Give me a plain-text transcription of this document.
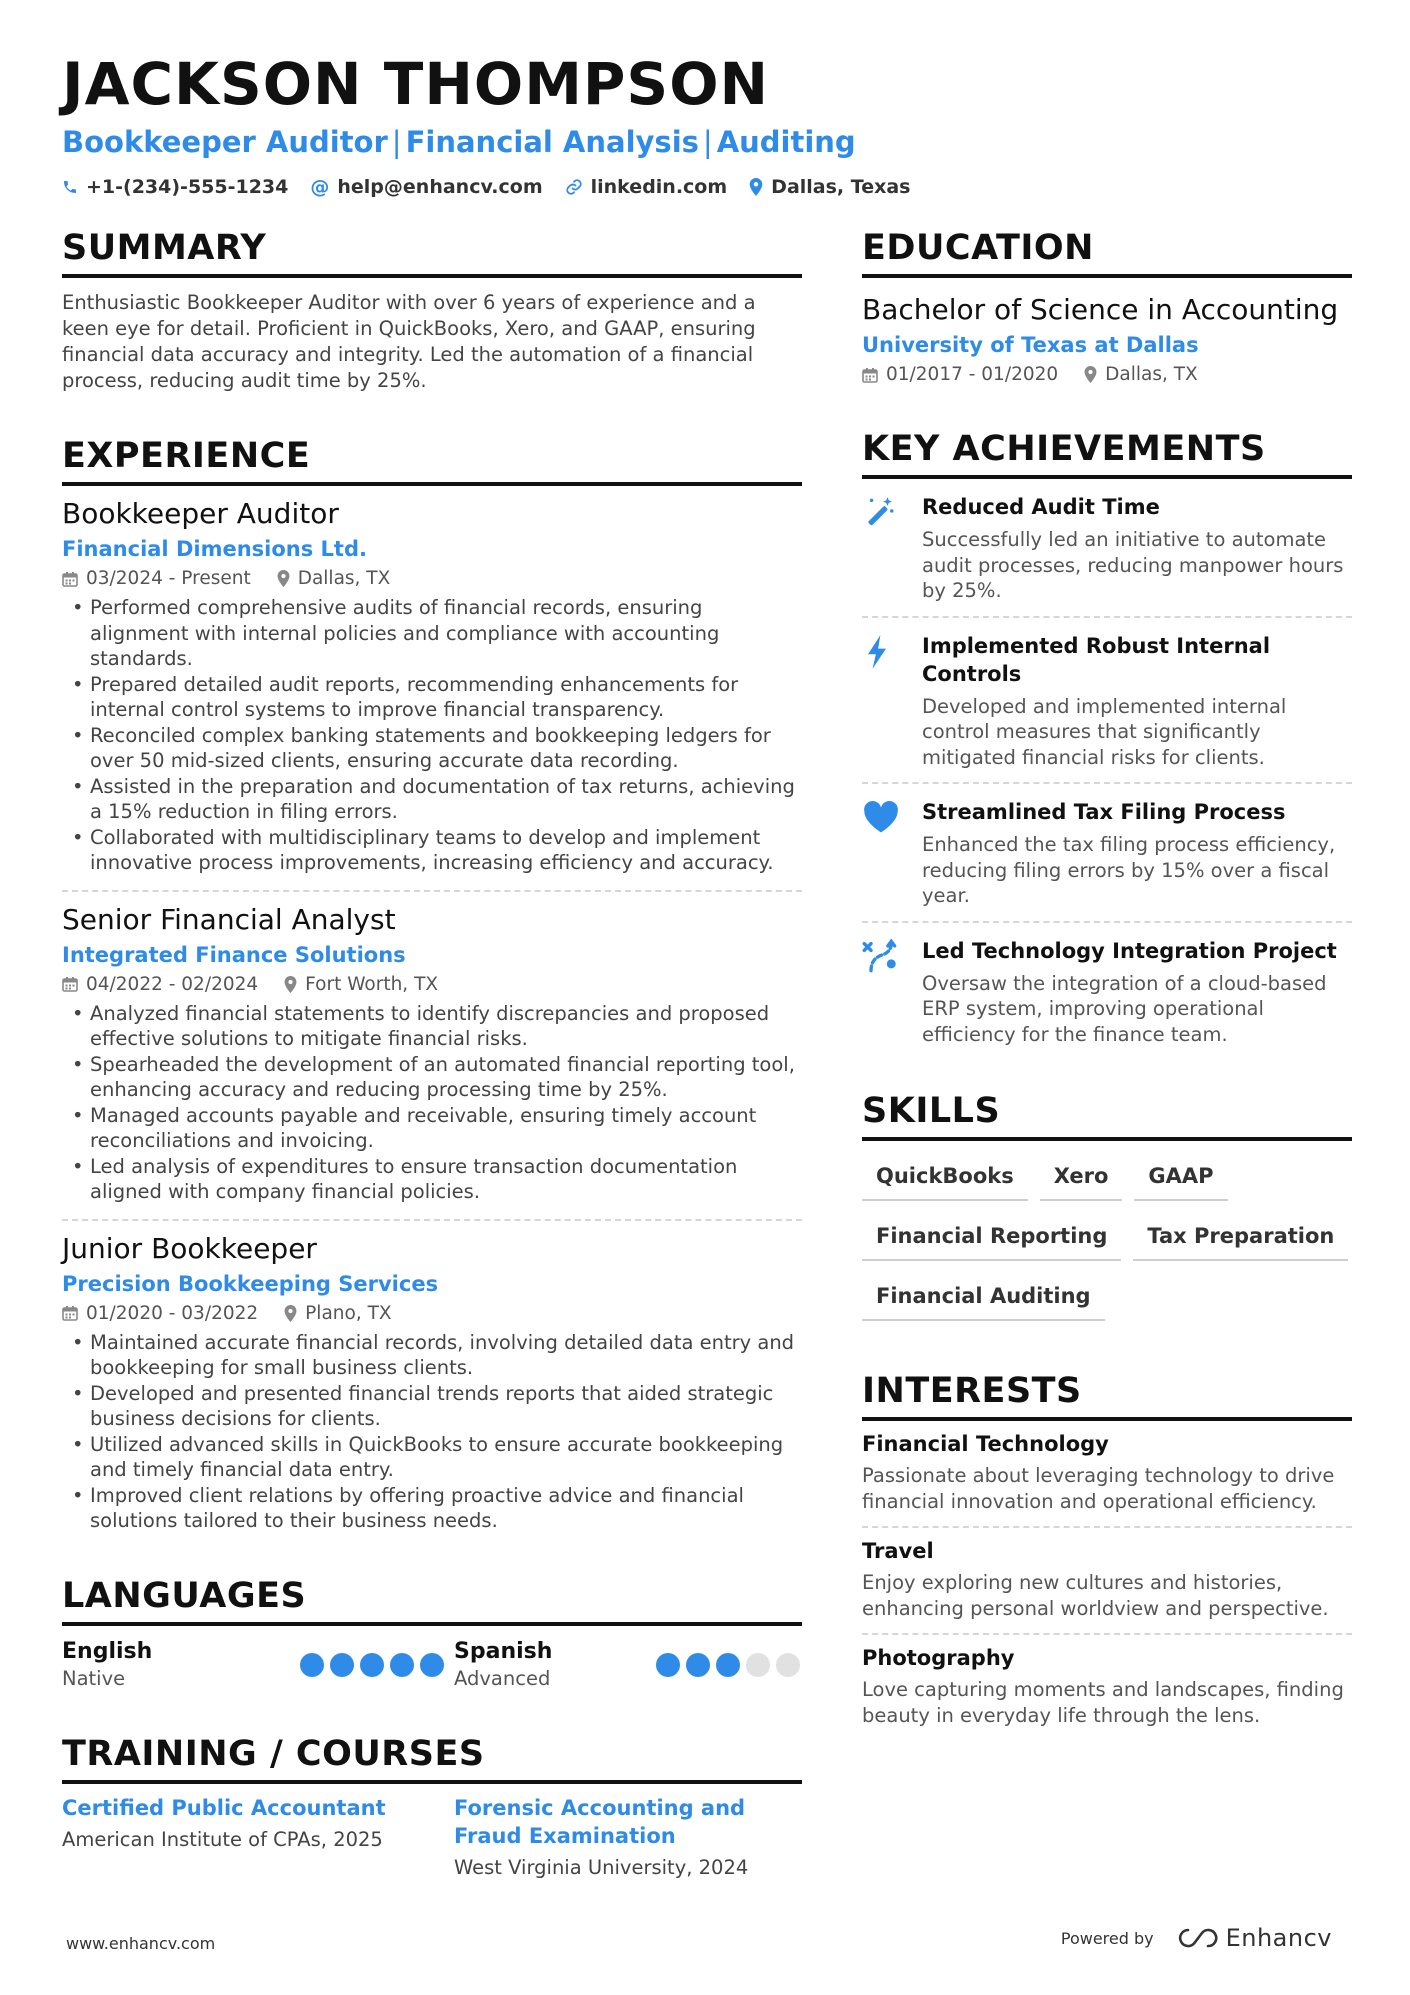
JACKSON THOMPSON
Bookkeeper Auditor | Financial Analysis | Auditing
+1-(234)-555-1234 @ help@enhancv.com	linkedin.com Dallas, Texas
SUMMARY
Enthusiastic Bookkeeper Auditor with over 6 years of experience and a keen eye for detail. Proficient in QuickBooks, Xero, and GAAP, ensuring financial data accuracy and integrity. Led the automation of a financial process, reducing audit time by 25%.
EXPERIENCE
Bookkeeper Auditor
Financial Dimensions Ltd.
03/2024 - Present	Dallas, TX
• Performed comprehensive audits of financial records, ensuring alignment with internal policies and compliance with accounting standards.
• Prepared detailed audit reports, recommending enhancements for internal control systems to improve financial transparency.
• Reconciled complex banking statements and bookkeeping ledgers for over 50 mid-sized clients, ensuring accurate data recording.
• Assisted in the preparation and documentation of tax returns, achieving a 15% reduction in filing errors.
• Collaborated with multidisciplinary teams to develop and implement innovative process improvements, increasing efficiency and accuracy.
Senior Financial Analyst
Integrated Finance Solutions
04/2022 - 02/2024	Fort Worth, TX
• Analyzed financial statements to identify discrepancies and proposed effective solutions to mitigate financial risks.
• Spearheaded the development of an automated financial reporting tool, enhancing accuracy and reducing processing time by 25%.
• Managed accounts payable and receivable, ensuring timely account reconciliations and invoicing.
• Led analysis of expenditures to ensure transaction documentation aligned with company financial policies.
Junior Bookkeeper
Precision Bookkeeping Services
01/2020 - 03/2022	Plano, TX
• Maintained accurate financial records, involving detailed data entry and bookkeeping for small business clients.
• Developed and presented financial trends reports that aided strategic business decisions for clients.
• Utilized advanced skills in QuickBooks to ensure accurate bookkeeping and timely financial data entry.
• Improved client relations by offering proactive advice and financial solutions tailored to their business needs.
LANGUAGES
English
Native
Spanish
Advanced
TRAINING / COURSES
Certified Public Accountant
American Institute of CPAs, 2025
Forensic Accounting and Fraud Examination
West Virginia University, 2024
EDUCATION
Bachelor of Science in Accounting
University of Texas at Dallas
01/2017 - 01/2020	Dallas, TX
KEY ACHIEVEMENTS
Reduced Audit Time
Successfully led an initiative to automate audit processes, reducing manpower hours by 25%.
Implemented Robust Internal Controls
Developed and implemented internal control measures that significantly mitigated financial risks for clients.
Streamlined Tax Filing Process
Enhanced the tax filing process efficiency, reducing filing errors by 15% over a fiscal year.
Led Technology Integration Project
Oversaw the integration of a cloud-based ERP system, improving operational efficiency for the finance team.
SKILLS
QuickBooks	Xero	GAAP
Financial Reporting	Tax Preparation
Financial Auditing
INTERESTS
Financial Technology
Passionate about leveraging technology to drive financial innovation and operational efficiency.
Travel
Enjoy exploring new cultures and histories, enhancing personal worldview and perspective.
Photography
Love capturing moments and landscapes, finding beauty in everyday life through the lens.
www.enhancv.com	Powered by	Enhancv
